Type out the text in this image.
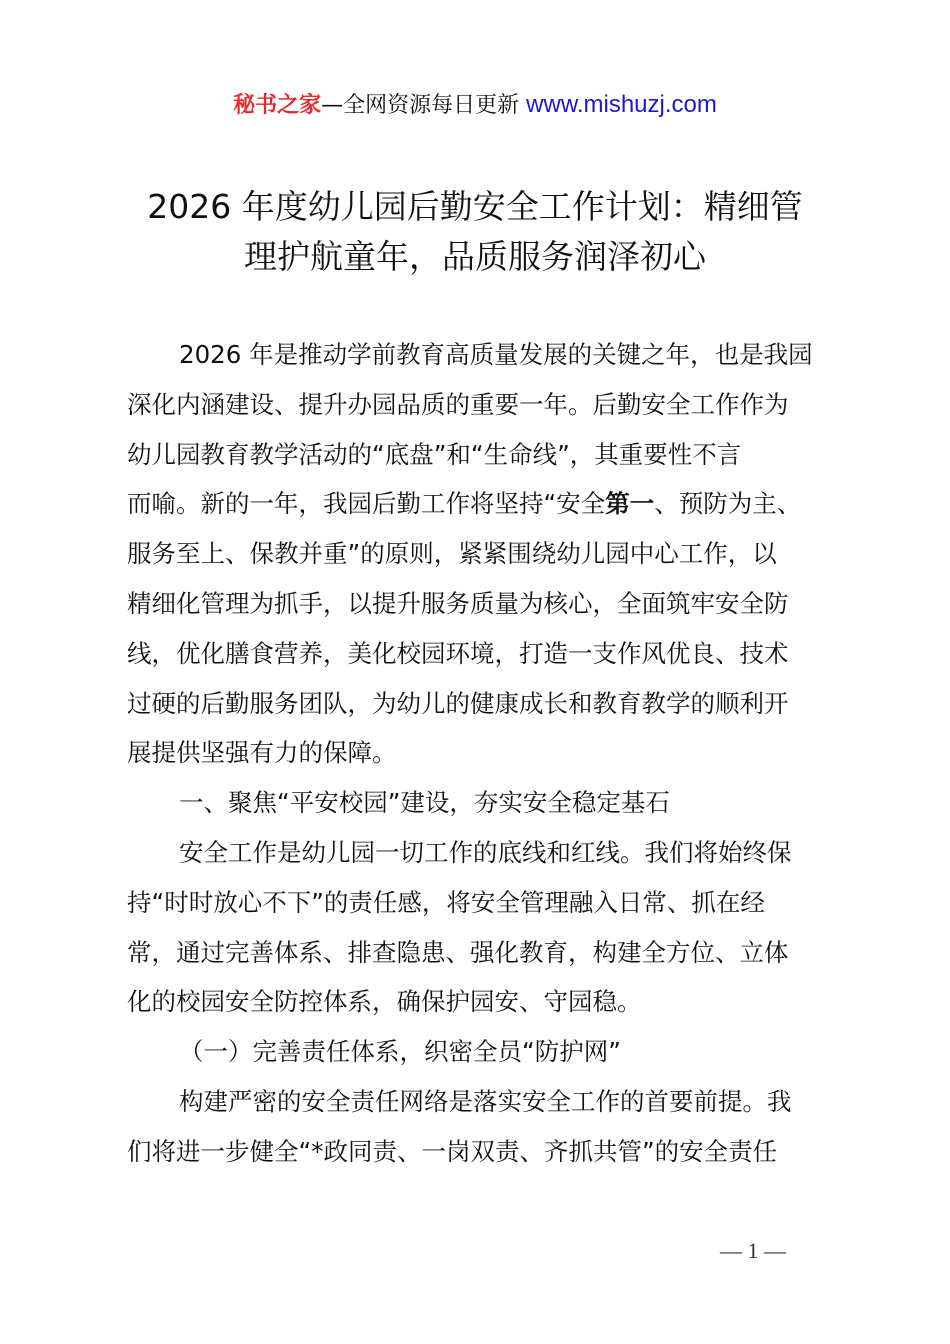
秘书之家—全网资源每日更新 www.mishuzj.com
2026 年度幼儿园后勤安全工作计划：精细管
理护航童年，品质服务润泽初心
2026 年是推动学前教育高质量发展的关键之年，也是我园
深化内涵建设、提升办园品质的重要一年。后勤安全工作作为
幼儿园教育教学活动的“底盘”和“生命线”，其重要性不言
而喻。新的一年，我园后勤工作将坚持“安全第一、预防为主、
服务至上、保教并重”的原则，紧紧围绕幼儿园中心工作，以
精细化管理为抓手，以提升服务质量为核心，全面筑牢安全防
线，优化膳食营养，美化校园环境，打造一支作风优良、技术
过硬的后勤服务团队，为幼儿的健康成长和教育教学的顺利开
展提供坚强有力的保障。
一、聚焦“平安校园”建设，夯实安全稳定基石
安全工作是幼儿园一切工作的底线和红线。我们将始终保
持“时时放心不下”的责任感，将安全管理融入日常、抓在经
常，通过完善体系、排查隐患、强化教育，构建全方位、立体
化的校园安全防控体系，确保护园安、守园稳。
（一）完善责任体系，织密全员“防护网”
构建严密的安全责任网络是落实安全工作的首要前提。我
们将进一步健全“*政同责、一岗双责、齐抓共管”的安全责任
— 1 —
